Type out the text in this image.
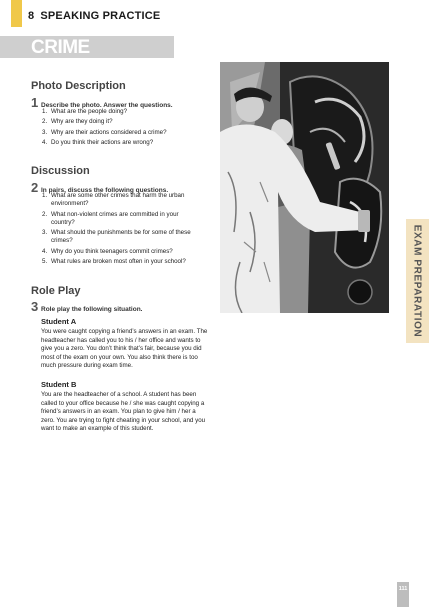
8 SPEAKING PRACTICE
CRIME
Photo Description
1 Describe the photo. Answer the questions.
1. What are the people doing?
2. Why are they doing it?
3. Why are their actions considered a crime?
4. Do you think their actions are wrong?
Discussion
2 In pairs, discuss the following questions.
1. What are some other crimes that harm the urban environment?
2. What non-violent crimes are committed in your country?
3. What should the punishments be for some of these crimes?
4. Why do you think teenagers commit crimes?
5. What rules are broken most often in your school?
Role Play
3 Role play the following situation.
Student A

You were caught copying a friend’s answers in an exam. The headteacher has called you to his / her office and wants to give you a zero. You don’t think that’s fair, because you did most of the exam on your own. You also think there is too much pressure during exam time.

Student B

You are the headteacher of a school. A student has been called to your office because he / she was caught copying a friend’s answers in an exam. You plan to give him / her a zero. You are trying to fight cheating in your school, and you want to make an example of this student.

EXAM PREPARATION
111
